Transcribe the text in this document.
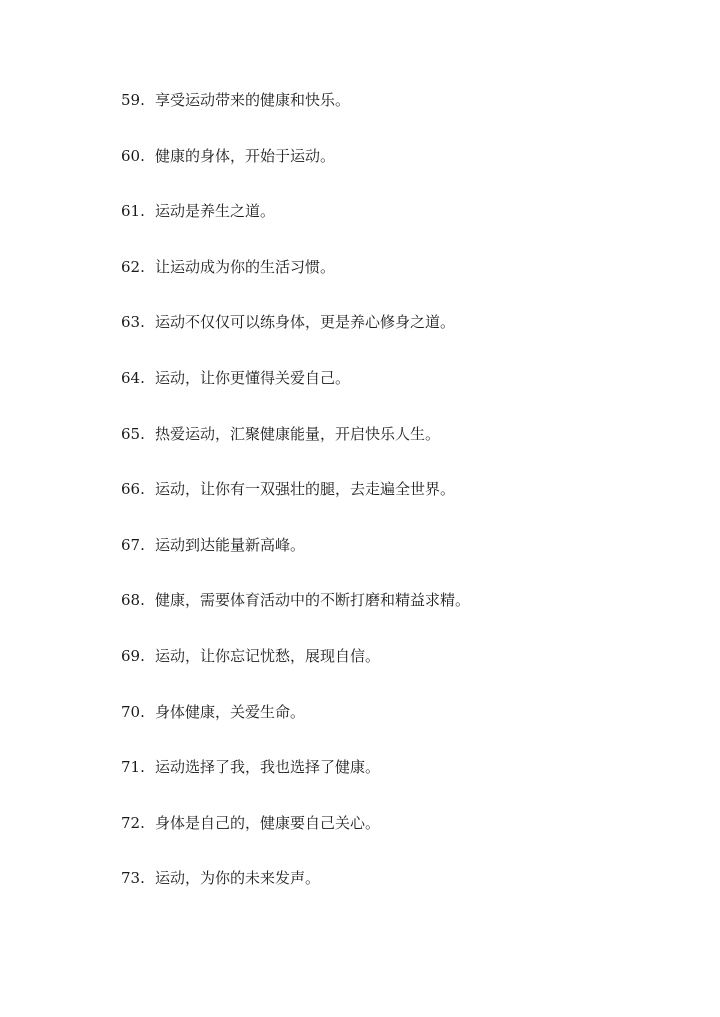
59. 享受运动带来的健康和快乐。
60. 健康的身体，开始于运动。
61. 运动是养生之道。
62. 让运动成为你的生活习惯。
63. 运动不仅仅可以练身体，更是养心修身之道。
64. 运动，让你更懂得关爱自己。
65. 热爱运动，汇聚健康能量，开启快乐人生。
66. 运动，让你有一双强壮的腿，去走遍全世界。
67. 运动到达能量新高峰。
68. 健康，需要体育活动中的不断打磨和精益求精。
69. 运动，让你忘记忧愁，展现自信。
70. 身体健康，关爱生命。
71. 运动选择了我，我也选择了健康。
72. 身体是自己的，健康要自己关心。
73. 运动，为你的未来发声。
